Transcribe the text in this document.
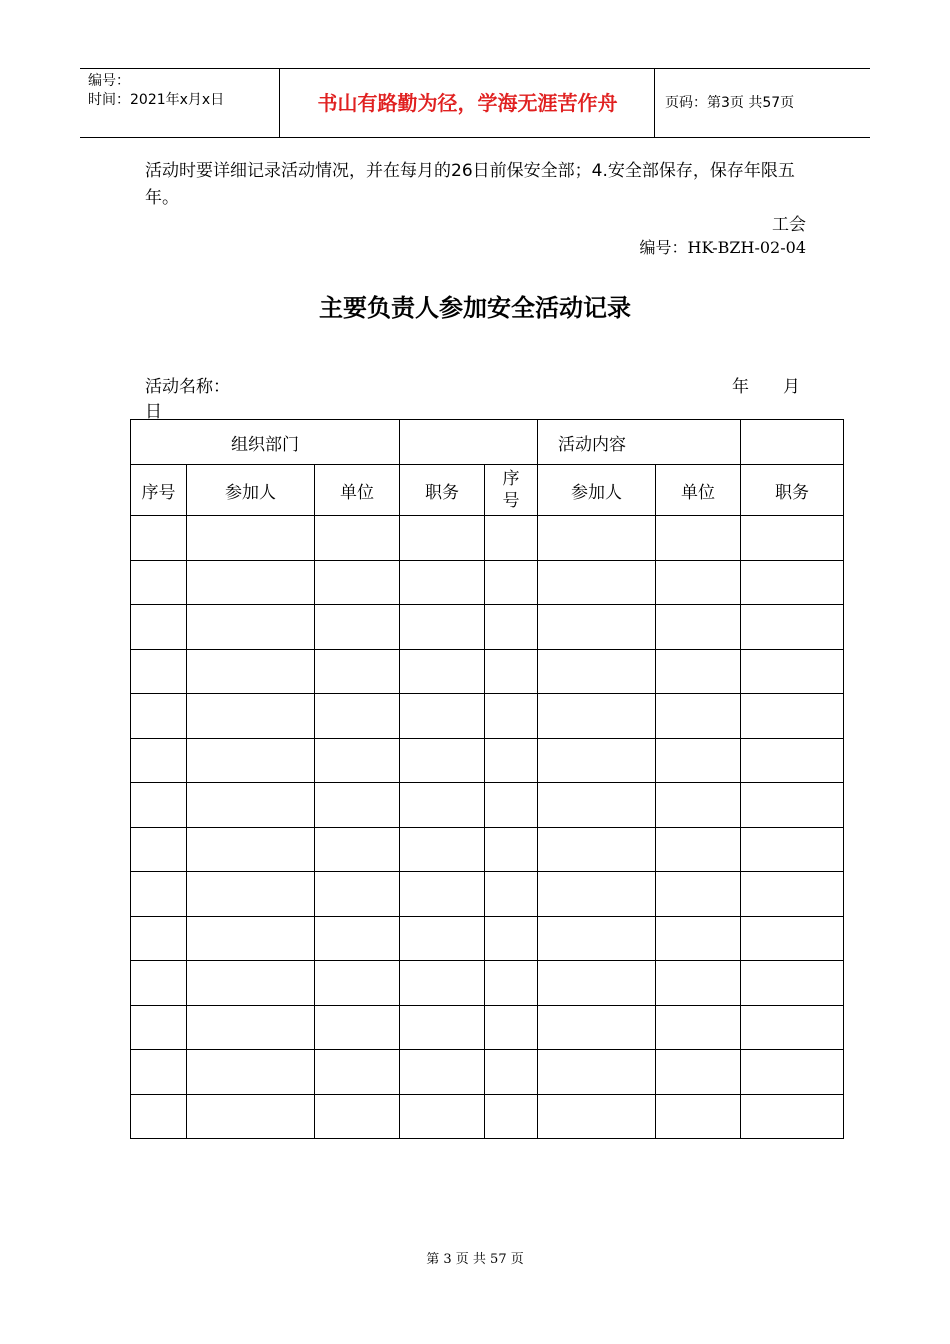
编号：
时间：2021年x月x日	书山有路勤为径，学海无涯苦作舟	页码：第3页 共57页
活动时要详细记录活动情况，并在每月的26日前保安全部；4.安全部保存，保存年限五年。
工会
编号：HK-BZH-02-04
主要负责人参加安全活动记录
活动名称：	年 月
日
组织部门					活动内容		
序号	参加人	单位	职务	序号	参加人	单位	职务

第 3 页 共 57 页
